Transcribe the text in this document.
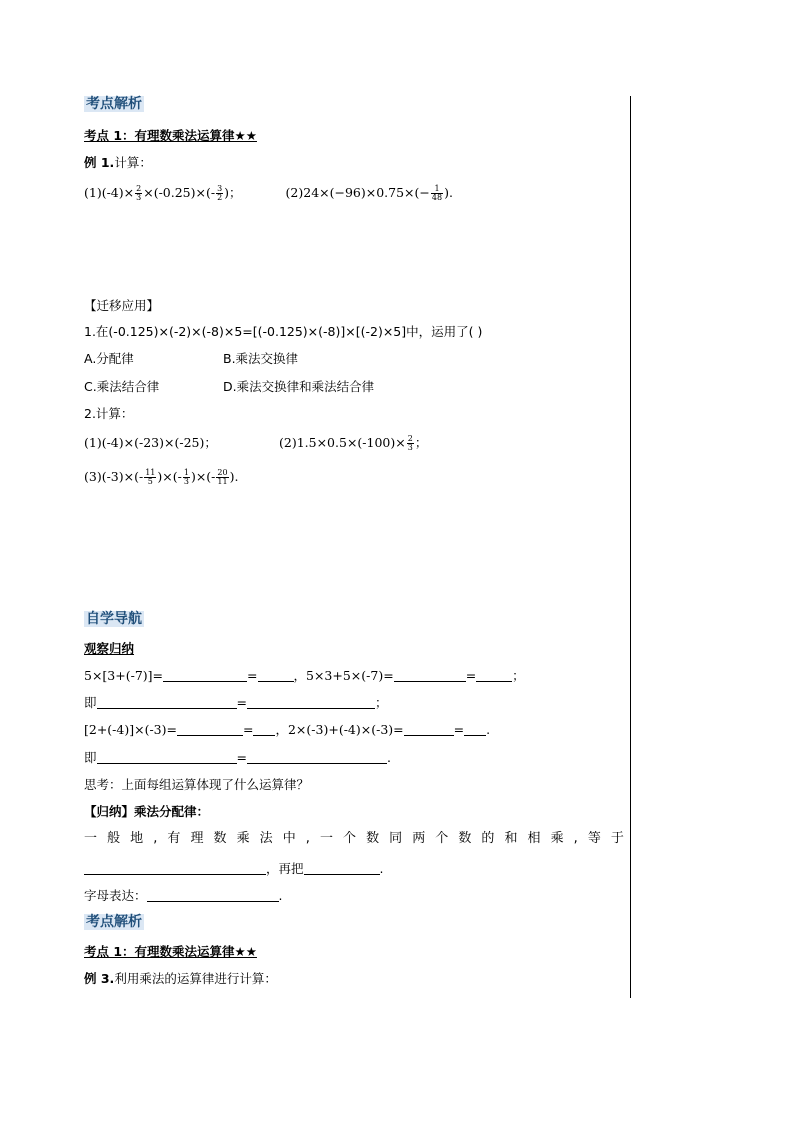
考点解析
考点 1：有理数乘法运算律★★
例 1.计算：
$(1)(-4)\times \frac{2}{3} \times(-0.25)\times(- \frac{3}{2}$ )；	$(2)24\times(-96)\times 0.75\times(- \frac{1}{48}$ ).
【迁移应用】
1.在(-0.125)×(-2)×(-8)×5=[(-0.125)×(-8)]×[(-2)×5]中，运用了( )
A.分配律	B.乘法交换律
C.乘法结合律	D.乘法交换律和乘法结合律
2.计算：
(1)(-4)×(-23)×(-25)；	$(2)1.5\times 0.5\times(-100)\times \frac{2}{3}$ ；
$(3)(-3)\times(- \frac{11}{5}$ )×(- $\frac{1}{3}$ )×(- $\frac{20}{11}$ ).
自学导航
观察归纳
5×[3+(-7)]=	=	，5×3+5×(-7)=	=	；
即	=	；
[2+(-4)]×(-3)=	= ，2×(-3)+(-4)×(-3)=	= .
即	=	.
思考：上面每组运算体现了什么运算律？
【归纳】乘法分配律：
一 般 地 , 有 理 数 乘 法 中 , 一 个 数 同 两 个 数 的 和 相 乘 , 等 于
，再把	.
字母表达：	.
考点解析
考点 1：有理数乘法运算律★★
例 3.利用乘法的运算律进行计算：
